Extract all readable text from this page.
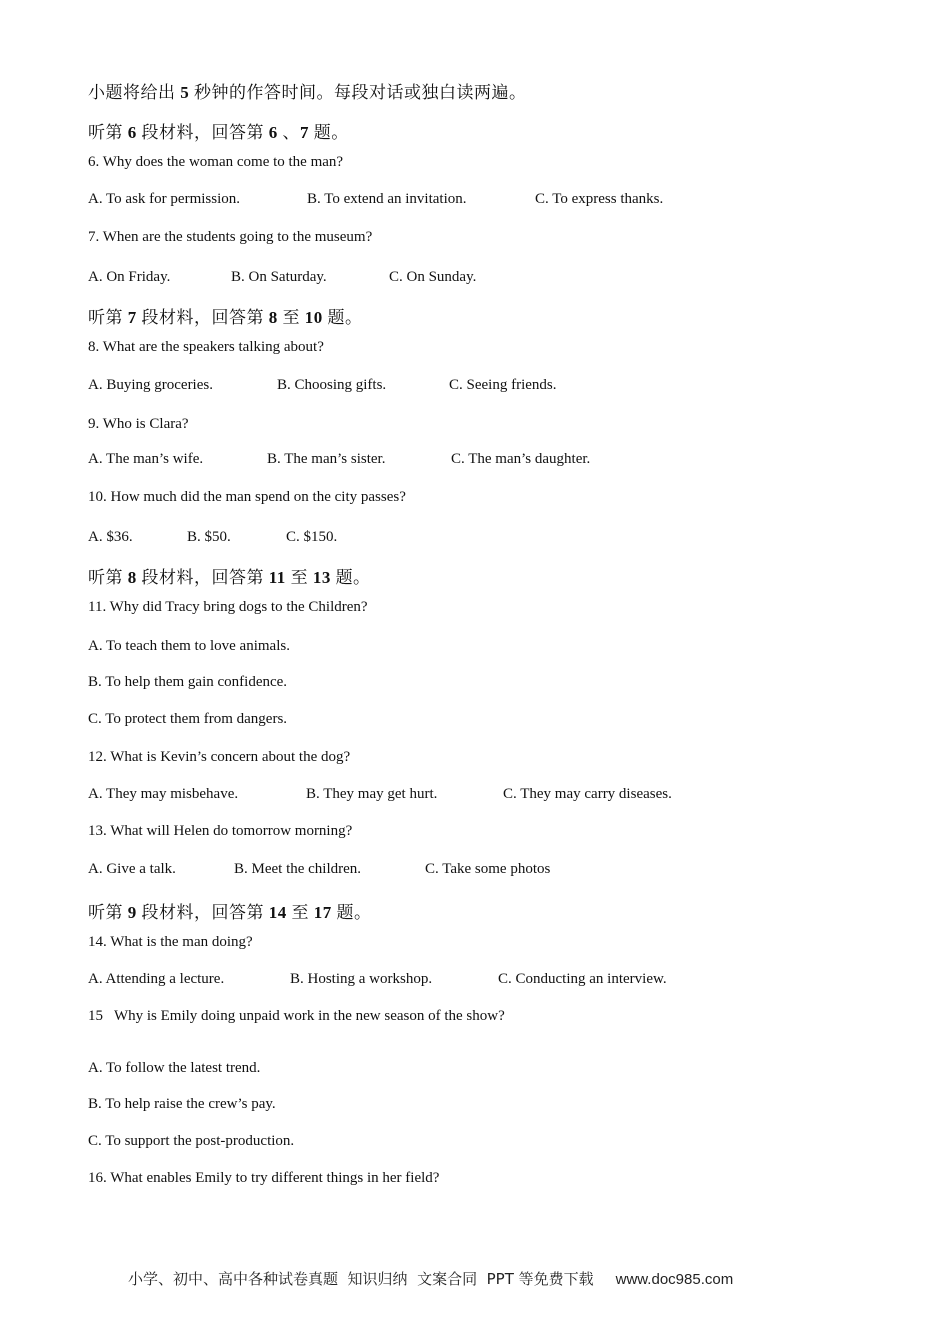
小题将给出 5 秒钟的作答时间。每段对话或独白读两遍。
听第 6 段材料，回答第 6 、7 题。
6. Why does the woman come to the man?
A. To ask for permission.	B. To extend an invitation.	C. To express thanks.
7. When are the students going to the museum?
A. On Friday.	B. On Saturday.	C. On Sunday.
听第 7 段材料，回答第 8 至 10 题。
8. What are the speakers talking about?
A. Buying groceries.	B. Choosing gifts.	C. Seeing friends.
9. Who is Clara?
A. The man’s wife.	B. The man’s sister.	C. The man’s daughter.
10. How much did the man spend on the city passes?
A. $36.	B. $50.	C. $150.
听第 8 段材料，回答第 11 至 13 题。
11. Why did Tracy bring dogs to the Children?
A. To teach them to love animals.
B. To help them gain confidence.
C. To protect them from dangers.
12. What is Kevin’s concern about the dog?
A. They may misbehave.	B. They may get hurt.	C. They may carry diseases.
13. What will Helen do tomorrow morning?
A. Give a talk.	B. Meet the children.	C. Take some photos
听第 9 段材料，回答第 14 至 17 题。
14. What is the man doing?
A. Attending a lecture.	B. Hosting a workshop.	C. Conducting an interview.
15   Why is Emily doing unpaid work in the new season of the show?
A. To follow the latest trend.
B. To help raise the crew’s pay.
C. To support the post-production.
16. What enables Emily to try different things in her field?
小学、初中、高中各种试卷真题  知识归纳  文案合同  PPT 等免费下载 www.doc985.com
